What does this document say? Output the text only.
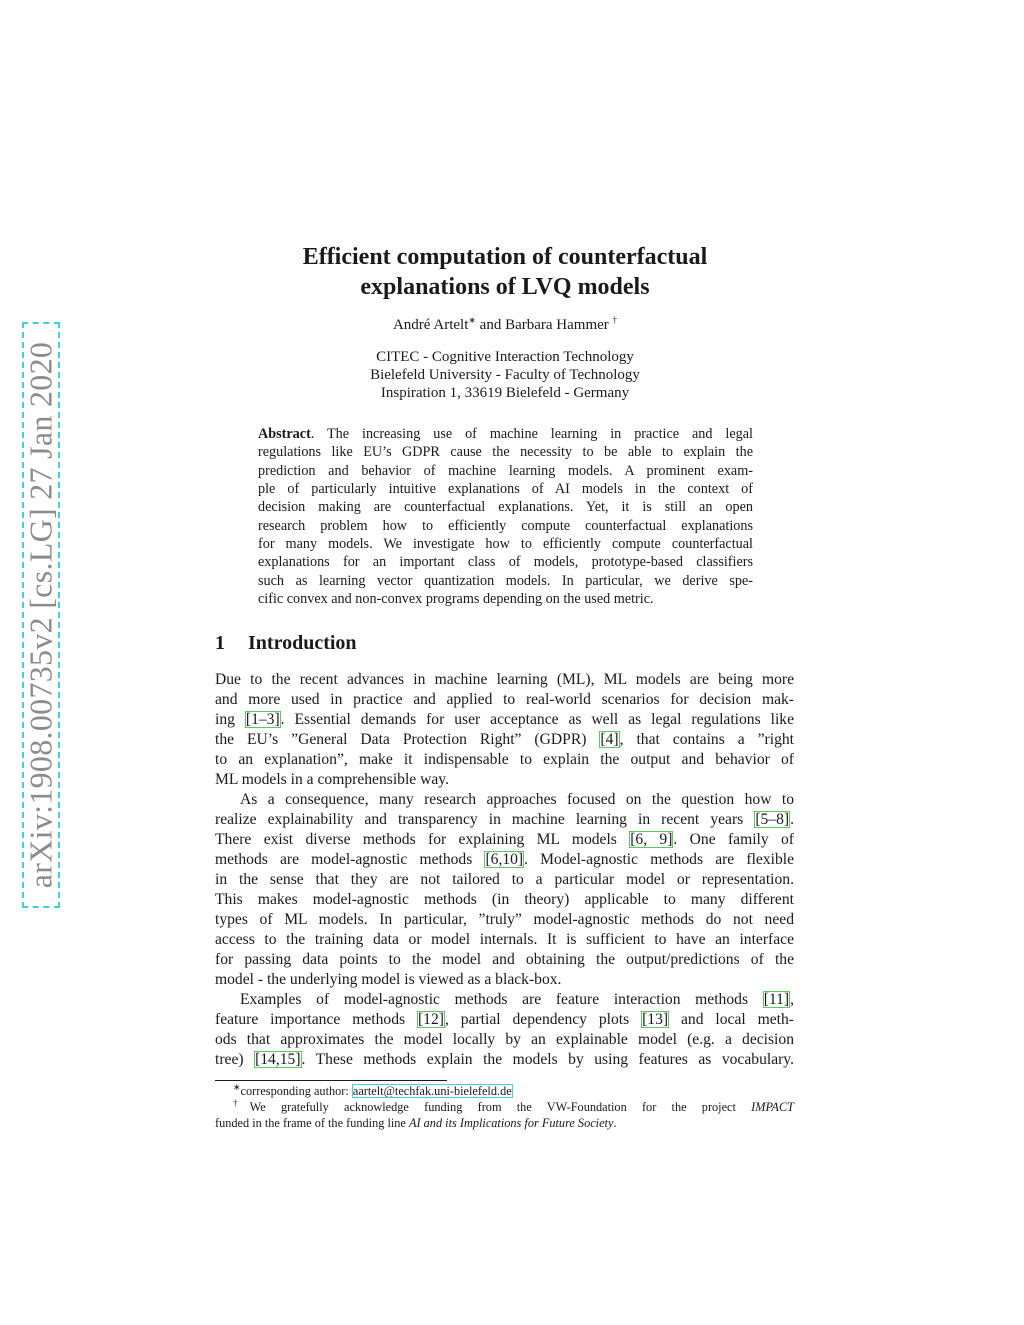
arXiv:1908.00735v2 [cs.LG] 27 Jan 2020
Efficient computation of counterfactual
explanations of LVQ models
André Artelt∗ and Barbara Hammer †
CITEC - Cognitive Interaction Technology
Bielefeld University - Faculty of Technology
Inspiration 1, 33619 Bielefeld - Germany
Abstract. The increasing use of machine learning in practice and legal
regulations like EU’s GDPR cause the necessity to be able to explain the
prediction and behavior of machine learning models. A prominent exam-
ple of particularly intuitive explanations of AI models in the context of
decision making are counterfactual explanations. Yet, it is still an open
research problem how to efficiently compute counterfactual explanations
for many models. We investigate how to efficiently compute counterfactual
explanations for an important class of models, prototype-based classifiers
such as learning vector quantization models. In particular, we derive spe-
cific convex and non-convex programs depending on the used metric.
1 Introduction
Due to the recent advances in machine learning (ML), ML models are being more
and more used in practice and applied to real-world scenarios for decision mak-
ing [1–3]. Essential demands for user acceptance as well as legal regulations like
the EU’s ”General Data Protection Right” (GDPR) [4], that contains a ”right
to an explanation”, make it indispensable to explain the output and behavior of
ML models in a comprehensible way.
As a consequence, many research approaches focused on the question how to
realize explainability and transparency in machine learning in recent years [5–8].
There exist diverse methods for explaining ML models [6, 9]. One family of
methods are model-agnostic methods [6,10]. Model-agnostic methods are flexible
in the sense that they are not tailored to a particular model or representation.
This makes model-agnostic methods (in theory) applicable to many different
types of ML models. In particular, ”truly” model-agnostic methods do not need
access to the training data or model internals. It is sufficient to have an interface
for passing data points to the model and obtaining the output/predictions of the
model - the underlying model is viewed as a black-box.
Examples of model-agnostic methods are feature interaction methods [11],
feature importance methods [12], partial dependency plots [13] and local meth-
ods that approximates the model locally by an explainable model (e.g. a decision
tree) [14,15]. These methods explain the models by using features as vocabulary.
∗corresponding author: aartelt@techfak.uni-bielefeld.de
†We gratefully acknowledge funding from the VW-Foundation for the project IMPACT
funded in the frame of the funding line AI and its Implications for Future Society.
